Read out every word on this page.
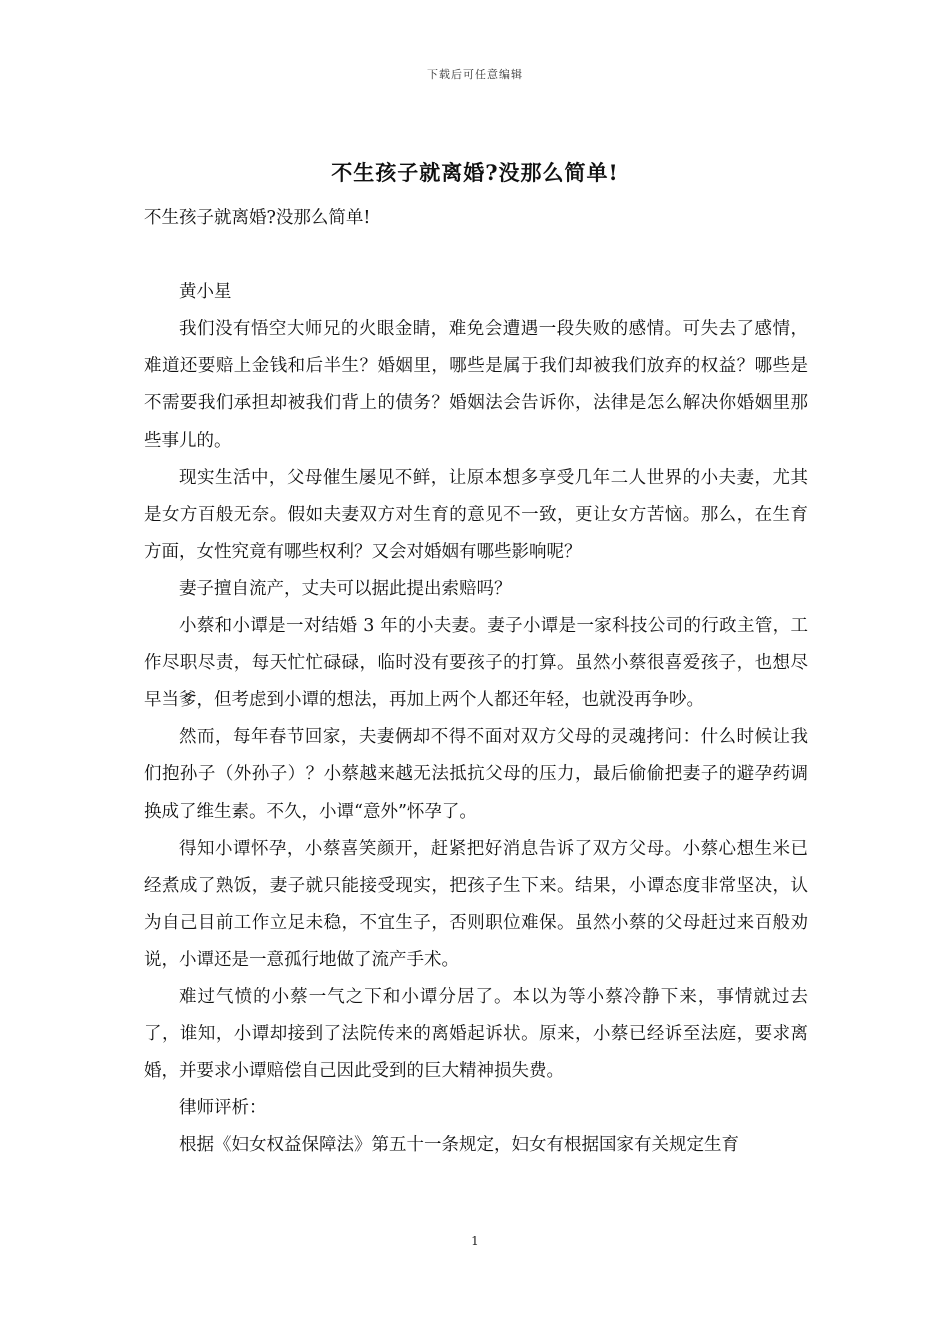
下载后可任意编辑
不生孩子就离婚?没那么简单!

不生孩子就离婚?没那么简单!

黄小星

我们没有悟空大师兄的火眼金睛，难免会遭遇一段失败的感情。可失去了感情，难道还要赔上金钱和后半生？婚姻里，哪些是属于我们却被我们放弃的权益？哪些是不需要我们承担却被我们背上的债务？婚姻法会告诉你，法律是怎么解决你婚姻里那些事儿的。

现实生活中，父母催生屡见不鲜，让原本想多享受几年二人世界的小夫妻，尤其是女方百般无奈。假如夫妻双方对生育的意见不一致，更让女方苦恼。那么，在生育方面，女性究竟有哪些权利？又会对婚姻有哪些影响呢？

妻子擅自流产，丈夫可以据此提出索赔吗？

小蔡和小谭是一对结婚 3 年的小夫妻。妻子小谭是一家科技公司的行政主管，工作尽职尽责，每天忙忙碌碌，临时没有要孩子的打算。虽然小蔡很喜爱孩子，也想尽早当爹，但考虑到小谭的想法，再加上两个人都还年轻，也就没再争吵。

然而，每年春节回家，夫妻俩却不得不面对双方父母的灵魂拷问：什么时候让我们抱孙子（外孙子）？小蔡越来越无法抵抗父母的压力，最后偷偷把妻子的避孕药调换成了维生素。不久，小谭“意外”怀孕了。

得知小谭怀孕，小蔡喜笑颜开，赶紧把好消息告诉了双方父母。小蔡心想生米已经煮成了熟饭，妻子就只能接受现实，把孩子生下来。结果，小谭态度非常坚决，认为自己目前工作立足未稳，不宜生子，否则职位难保。虽然小蔡的父母赶过来百般劝说，小谭还是一意孤行地做了流产手术。

难过气愤的小蔡一气之下和小谭分居了。本以为等小蔡冷静下来，事情就过去了，谁知，小谭却接到了法院传来的离婚起诉状。原来，小蔡已经诉至法庭，要求离婚，并要求小谭赔偿自己因此受到的巨大精神损失费。

律师评析：

根据《妇女权益保障法》第五十一条规定，妇女有根据国家有关规定生育

1
